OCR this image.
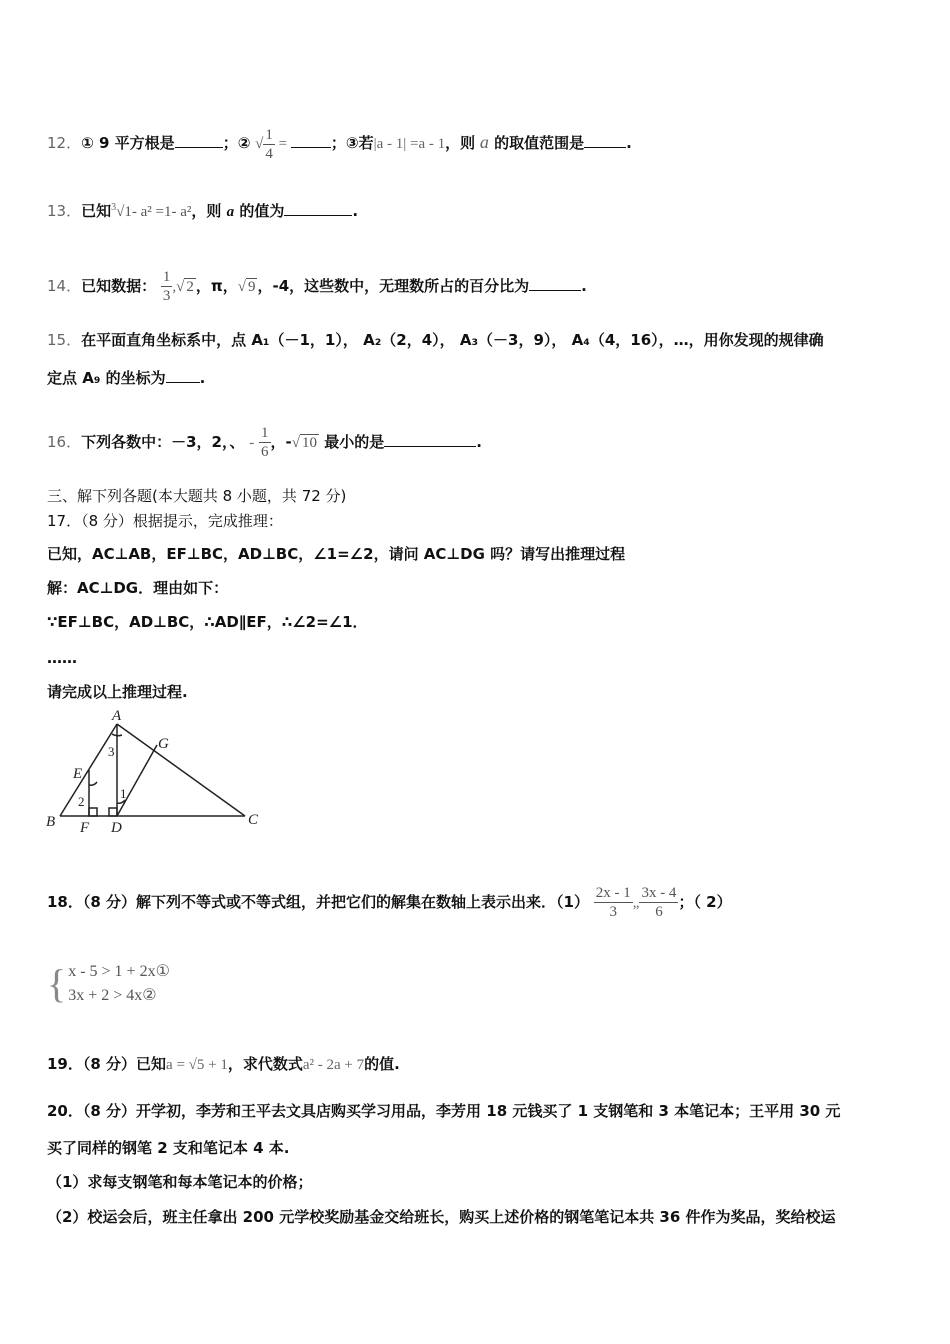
12．① 9 平方根是	；② √ $\frac{1}{4}$ =	；③若|a - 1| =a - 1，则 a 的取值范围是	.
13．已知$^3$√1- a² =1- a²，则 a 的值为	.
14．已知数据： $\frac{1}{3}$ ,√ 2 ，π，√ 9 ，-4，这些数中，无理数所占的百分比为	.
15．在平面直角坐标系中，点 A₁（－1，1）， A₂（2，4）， A₃（－3，9）， A₄（4，16），…，用你发现的规律确
定点 A₉ 的坐标为 .
16．下列各数中：－3，2，、 - $\frac{1}{6}$ ，-√ 10 最小的是	.
三、解下列各题(本大题共 8 小题，共 72 分)
17．（8 分）根据提示，完成推理：
已知，AC⊥AB，EF⊥BC，AD⊥BC，∠1=∠2，请问 AC⊥DG 吗？请写出推理过程
解：AC⊥DG．理由如下：
∵EF⊥BC，AD⊥BC，∴AD∥EF，∴∠2=∠1．
……
请完成以上推理过程.
A
B	C
D
E
F
G
1
2
3
18．（8 分）解下列不等式或不等式组，并把它们的解集在数轴上表示出来．$(1) \frac{2x - 1}{3}$ „ $\frac{3x - 4}{6}$ ；（ 2）
{ x - 5 > 1 + 2x①
3x + 2 > 4x②
19．（8 分）已知a = √5 + 1，求代数式a² - 2a + 7的值.
20．（8 分）开学初，李芳和王平去文具店购买学习用品，李芳用 18 元钱买了 1 支钢笔和 3 本笔记本；王平用 30 元
买了同样的钢笔 2 支和笔记本 4 本.
（1）求每支钢笔和每本笔记本的价格；
（2）校运会后，班主任拿出 200 元学校奖励基金交给班长，购买上述价格的钢笔笔记本共 36 件作为奖品，奖给校运
